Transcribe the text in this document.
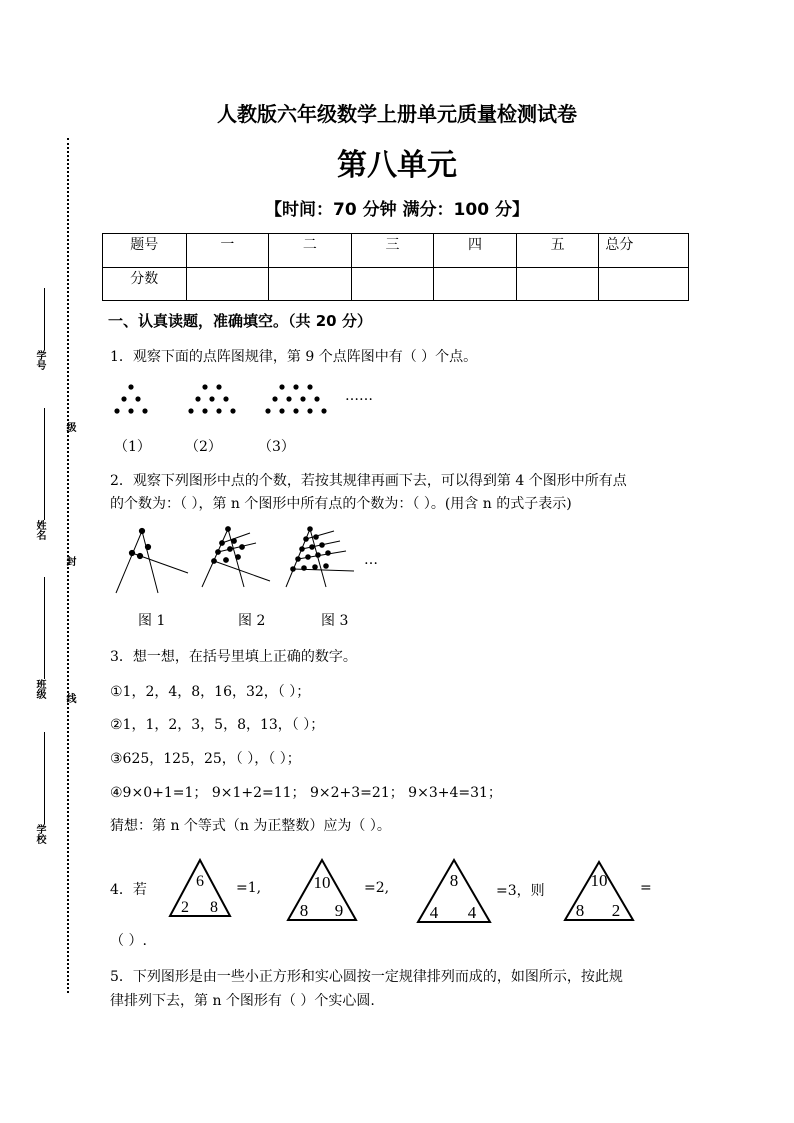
学号
级
姓名
封
班级 线
学校
人教版六年级数学上册单元质量检测试卷
第八单元
【时间：70 分钟 满分：100 分】
题号	一	二	三	四	五	总分
分数						
一、认真读题，准确填空。（共 20 分）
1．观察下面的点阵图规律，第 9 个点阵图中有（ ）个点。
……
（1） （2）	（3）
2．观察下列图形中点的个数，若按其规律再画下去，可以得到第 4 个图形中所有点
的个数为：（ ），第 n 个图形中所有点的个数为：（ ）。(用含 n 的式子表示)
…
图 1	图 2	图 3
3．想一想，在括号里填上正确的数字。
①1，2，4，8，16，32，（ ）；
②1，1，2，3，5，8，13，（ ）；
③625，125，25，（ ），（ ）；
④9×0+1=1； 9×1+2=11； 9×2+3=21； 9×3+4=31；
猜想：第 n 个等式（n 为正整数）应为（ ）。
4．若	6
2 8
=1,	10
8 9
=2,	8
4 4
=3，则
10
8 2
=
（ ）.
5．下列图形是由一些小正方形和实心圆按一定规律排列而成的，如图所示，按此规
律排列下去，第 n 个图形有（ ）个实心圆.
